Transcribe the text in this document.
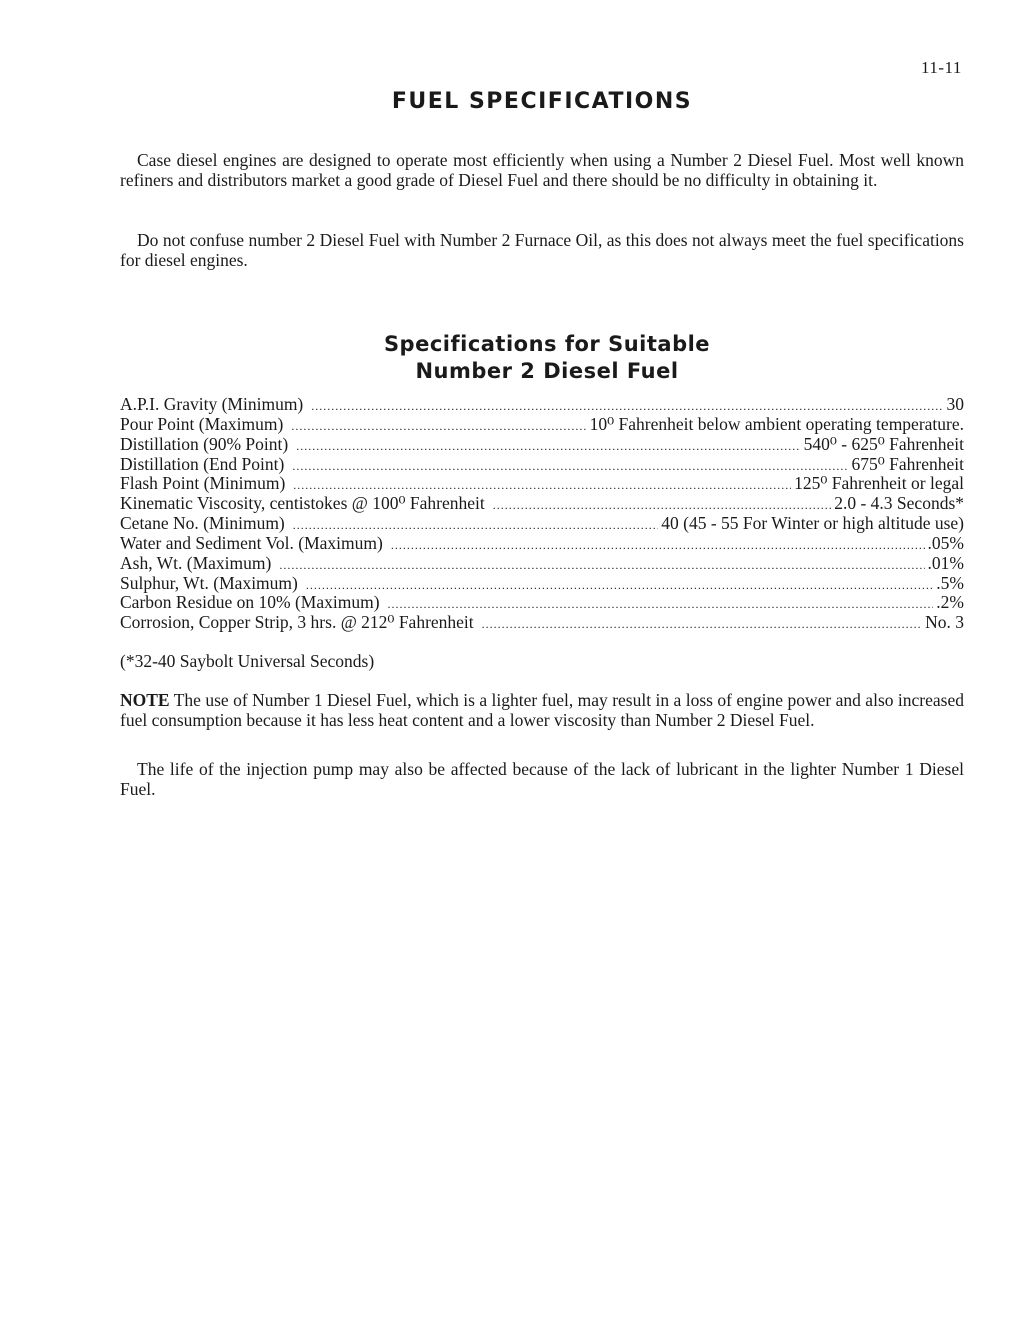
11-11
FUEL SPECIFICATIONS

Case diesel engines are designed to operate most efficiently when using a Number 2 Diesel Fuel. Most well known refiners and distributors market a good grade of Diesel Fuel and there should be no difficulty in obtaining it.

Do not confuse number 2 Diesel Fuel with Number 2 Furnace Oil, as this does not always meet the fuel specifications for diesel engines.

Specifications for Suitable
Number 2 Diesel Fuel
A.P.I. Gravity (Minimum) .....	30
Pour Point (Maximum) .....	10⁰ Fahrenheit below ambient operating temperature.
Distillation (90% Point) .....	540⁰ - 625⁰ Fahrenheit
Distillation (End Point) .....	675⁰ Fahrenheit
Flash Point (Minimum) .....	125⁰ Fahrenheit or legal
Kinematic Viscosity, centistokes @ 100⁰ Fahrenheit .....	2.0 - 4.3 Seconds*
Cetane No. (Minimum) .....	40 (45 - 55 For Winter or high altitude use)
Water and Sediment Vol. (Maximum) .....	.05%
Ash, Wt. (Maximum) .....	.01%
Sulphur, Wt. (Maximum) .....	.5%
Carbon Residue on 10% (Maximum) .....	.2%
Corrosion, Copper Strip, 3 hrs. @ 212⁰ Fahrenheit .....	No. 3

(*32-40 Saybolt Universal Seconds)

NOTE The use of Number 1 Diesel Fuel, which is a lighter fuel, may result in a loss of engine power and also increased fuel consumption because it has less heat content and a lower viscosity than Number 2 Diesel Fuel.

The life of the injection pump may also be affected because of the lack of lubricant in the lighter Number 1 Diesel Fuel.
